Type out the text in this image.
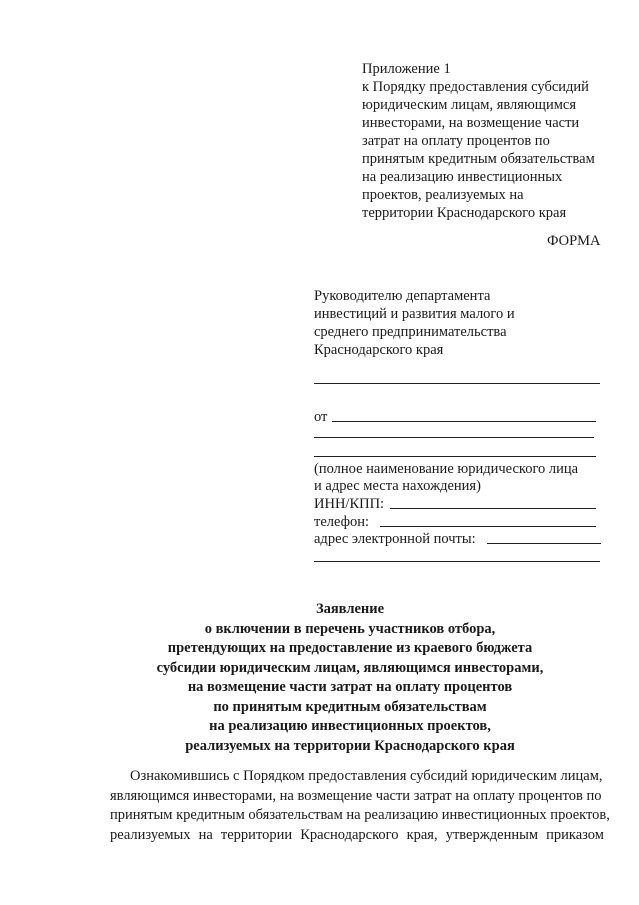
Приложение 1
к Порядку предоставления субсидий
юридическим лицам, являющимся
инвесторами, на возмещение части
затрат на оплату процентов по
принятым кредитным обязательствам
на реализацию инвестиционных
проектов, реализуемых на
территории Краснодарского края
ФОРМА
Руководителю департамента
инвестиций и развития малого и
среднего предпринимательства
Краснодарского края
от
(полное наименование юридического лица
и адрес места нахождения)
ИНН/КПП:
телефон:
адрес электронной почты:
Заявление
о включении в перечень участников отбора,
претендующих на предоставление из краевого бюджета
субсидии юридическим лицам, являющимся инвесторами,
на возмещение части затрат на оплату процентов
по принятым кредитным обязательствам
на реализацию инвестиционных проектов,
реализуемых на территории Краснодарского края
Ознакомившись с Порядком предоставления субсидий юридическим лицам,
являющимся инвесторами, на возмещение части затрат на оплату процентов по
принятым кредитным обязательствам на реализацию инвестиционных проектов,
реализуемых на территории Краснодарского края, утвержденным приказом
